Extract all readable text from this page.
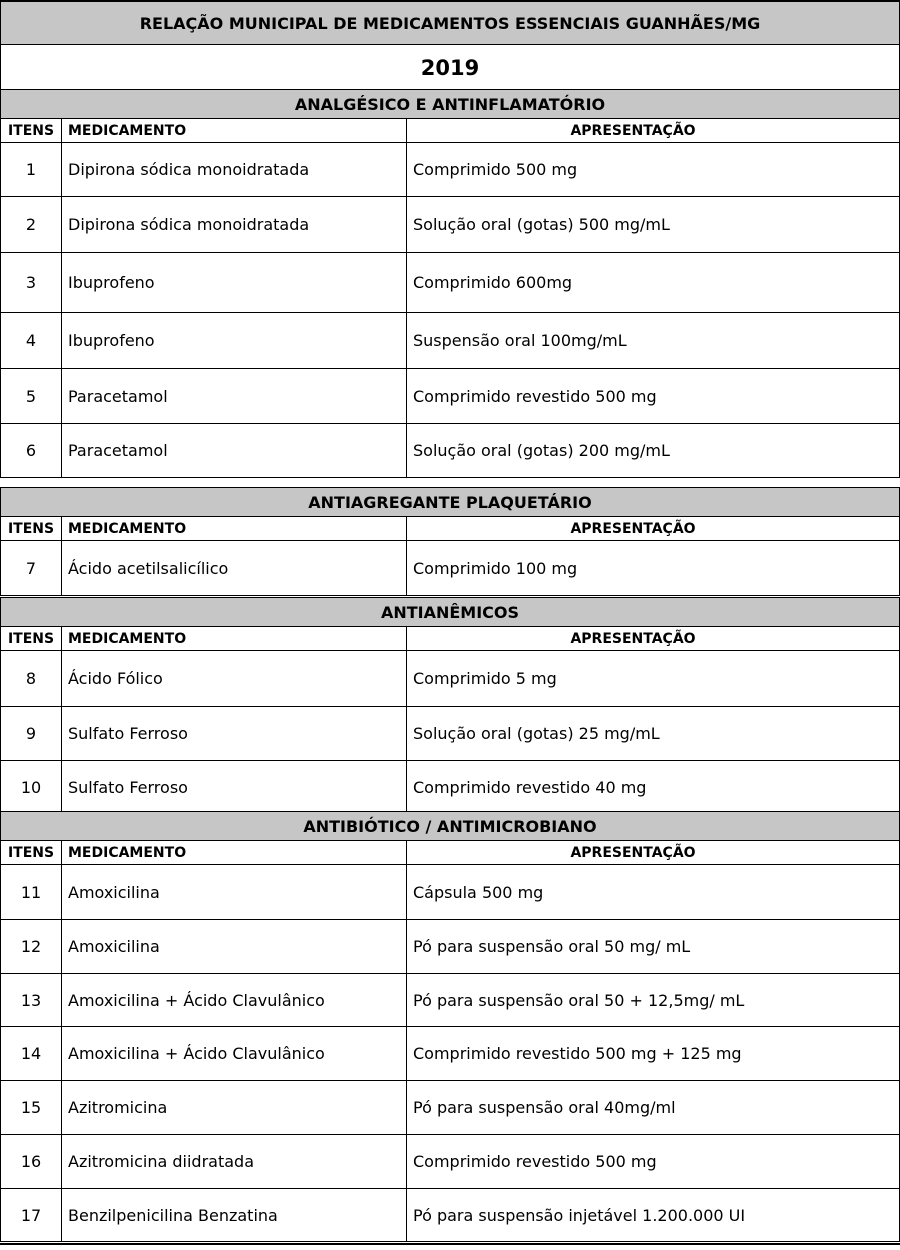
RELAÇÃO MUNICIPAL DE MEDICAMENTOS ESSENCIAIS GUANHÃES/MG
2019
ANALGÉSICO E ANTINFLAMATÓRIO
ITENS MEDICAMENTO	APRESENTAÇÃO
1	Dipirona sódica monoidratada	Comprimido 500 mg
2	Dipirona sódica monoidratada	Solução oral (gotas) 500 mg/mL
3	Ibuprofeno	Comprimido 600mg
4	Ibuprofeno	Suspensão oral 100mg/mL
5	Paracetamol	Comprimido revestido 500 mg
6	Paracetamol	Solução oral (gotas) 200 mg/mL
ANTIAGREGANTE PLAQUETÁRIO
ITENS MEDICAMENTO	APRESENTAÇÃO
7	Ácido acetilsalicílico	Comprimido 100 mg
ANTIANÊMICOS
ITENS MEDICAMENTO	APRESENTAÇÃO
8	Ácido Fólico	Comprimido 5 mg
9	Sulfato Ferroso	Solução oral (gotas) 25 mg/mL
10	Sulfato Ferroso	Comprimido revestido 40 mg
ANTIBIÓTICO / ANTIMICROBIANO
ITENS MEDICAMENTO	APRESENTAÇÃO
11	Amoxicilina	Cápsula 500 mg
12	Amoxicilina	Pó para suspensão oral 50 mg/ mL
13	Amoxicilina + Ácido Clavulânico	Pó para suspensão oral 50 + 12,5mg/ mL
14	Amoxicilina + Ácido Clavulânico	Comprimido revestido 500 mg + 125 mg
15	Azitromicina	Pó para suspensão oral 40mg/ml
16	Azitromicina diidratada	Comprimido revestido 500 mg
17	Benzilpenicilina Benzatina	Pó para suspensão injetável 1.200.000 UI
